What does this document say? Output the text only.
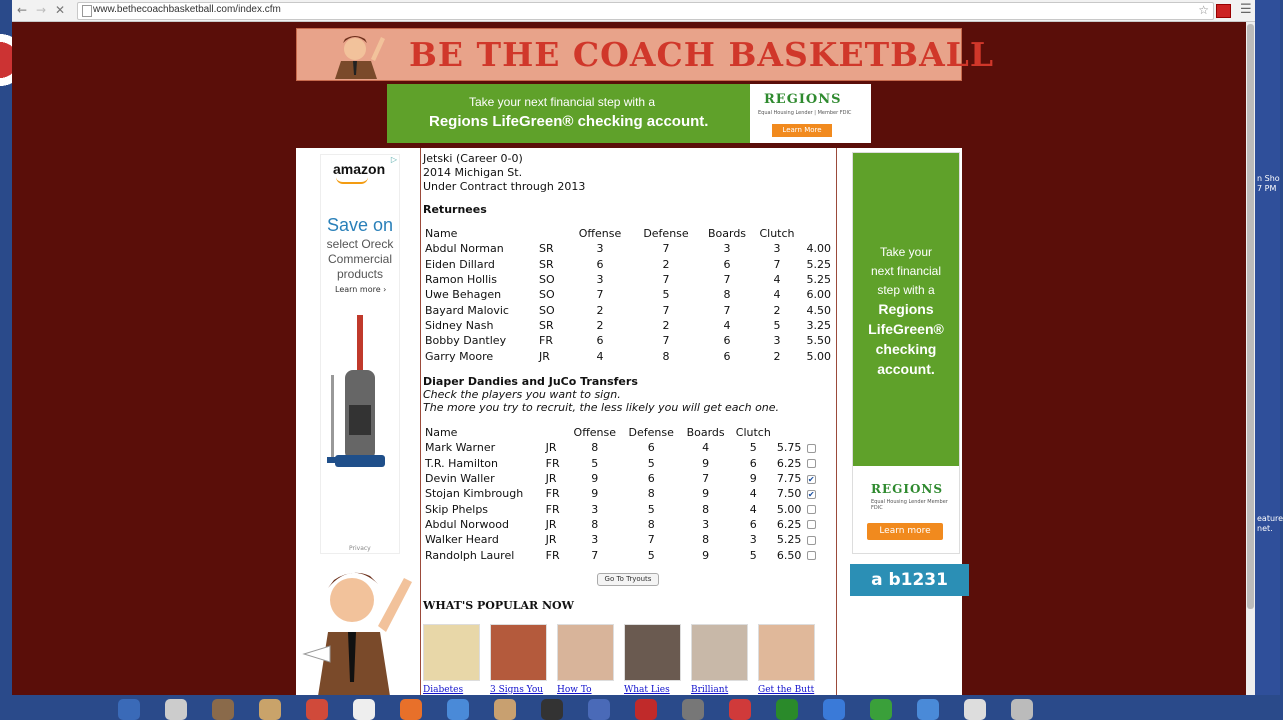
n Sho
7 PM
eature
net.
← → ✕	www.bethecoachbasketball.com/index.cfm	☆ ☰
BE THE COACH BASKETBALL
Take your next financial step with a
Regions LifeGreen® checking account.
REGIONS
Equal Housing Lender | Member FDIC
Learn More
▷
amazon
Save on
select Oreck Commercial products
Learn more ›
Privacy
Jetski (Career 0-0)
2014 Michigan St.
Under Contract through 2013
Returnees
Name		Offense	Defense	Boards	Clutch	
Abdul Norman	SR	3	7	3	3	4.00
Eiden Dillard	SR	6	2	6	7	5.25
Ramon Hollis	SO	3	7	7	4	5.25
Uwe Behagen	SO	7	5	8	4	6.00
Bayard Malovic	SO	2	7	7	2	4.50
Sidney Nash	SR	2	2	4	5	3.25
Bobby Dantley	FR	6	7	6	3	5.50
Garry Moore	JR	4	8	6	2	5.00
Diaper Dandies and JuCo Transfers
Check the players you want to sign.
The more you try to recruit, the less likely you will get each one.
Name		Offense	Defense	Boards	Clutch		
Mark Warner	JR	8	6	4	5	5.75	
T.R. Hamilton	FR	5	5	9	6	6.25	
Devin Waller	JR	9	6	7	9	7.75	✔
Stojan Kimbrough	FR	9	8	9	4	7.50	✔
Skip Phelps	FR	3	5	8	4	5.00	
Abdul Norwood	JR	8	8	3	6	6.25	
Walker Heard	JR	3	7	8	3	5.25	
Randolph Laurel	FR	7	5	9	5	6.50	
Go To Tryouts
WHAT'S POPULAR NOW
Diabetes	3 Signs You How To	What Lies Brilliant	Get the Butt
Take your
next financial
step with a
Regions
LifeGreen®
checking
account.
REGIONS
Equal Housing Lender Member FDIC
Learn more
a b1231 game
